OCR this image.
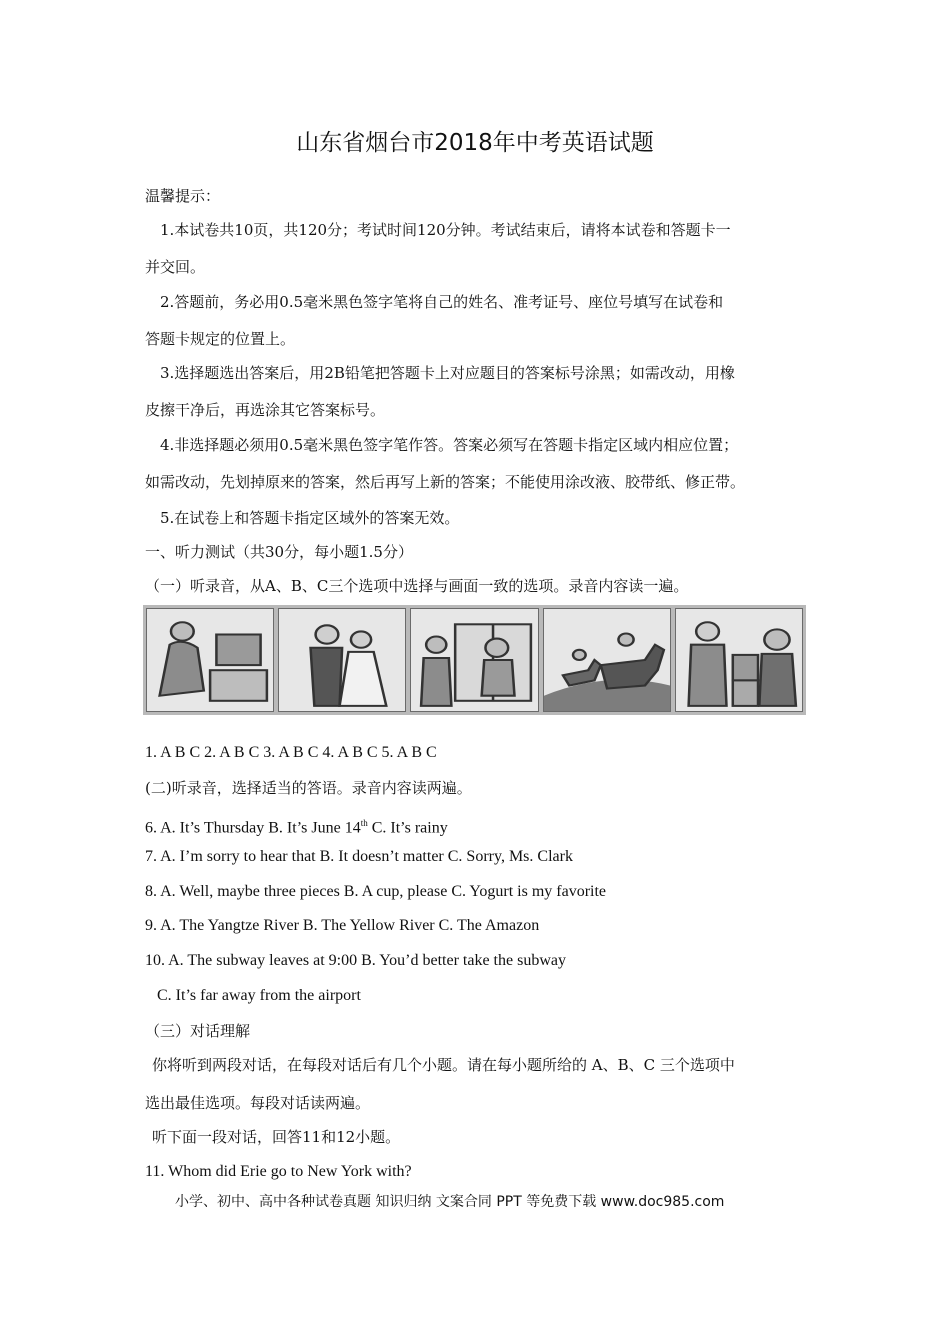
山东省烟台市2018年中考英语试题
温馨提示：
1.本试卷共10页，共120分；考试时间120分钟。考试结束后，请将本试卷和答题卡一
并交回。
2.答题前，务必用0.5毫米黑色签字笔将自己的姓名、准考证号、座位号填写在试卷和
答题卡规定的位置上。
3.选择题选出答案后，用2B铅笔把答题卡上对应题目的答案标号涂黑；如需改动，用橡
皮擦干净后，再选涂其它答案标号。
4.非选择题必须用0.5毫米黑色签字笔作答。答案必须写在答题卡指定区域内相应位置；
如需改动，先划掉原来的答案，然后再写上新的答案；不能使用涂改液、胶带纸、修正带。
5.在试卷上和答题卡指定区域外的答案无效。
一、听力测试（共30分，每小题1.5分）
（一）听录音，从A、B、C三个选项中选择与画面一致的选项。录音内容读一遍。
1. A B C 2. A B C 3. A B C 4. A B C 5. A B C
(二)听录音，选择适当的答语。录音内容读两遍。
6. A. It’s Thursday B. It’s June 14th C. It’s rainy
7. A. I’m sorry to hear that B. It doesn’t matter C. Sorry, Ms. Clark
8. A. Well, maybe three pieces B. A cup, please C. Yogurt is my favorite
9. A. The Yangtze River B. The Yellow River C. The Amazon
10. A. The subway leaves at 9:00 B. You’d better take the subway
C. It’s far away from the airport
（三）对话理解
你将听到两段对话，在每段对话后有几个小题。请在每小题所给的 A、B、C 三个选项中
选出最佳选项。每段对话读两遍。
听下面一段对话，回答11和12小题。
11. Whom did Erie go to New York with?
小学、初中、高中各种试卷真题 知识归纳 文案合同 PPT 等免费下载 www.doc985.com
